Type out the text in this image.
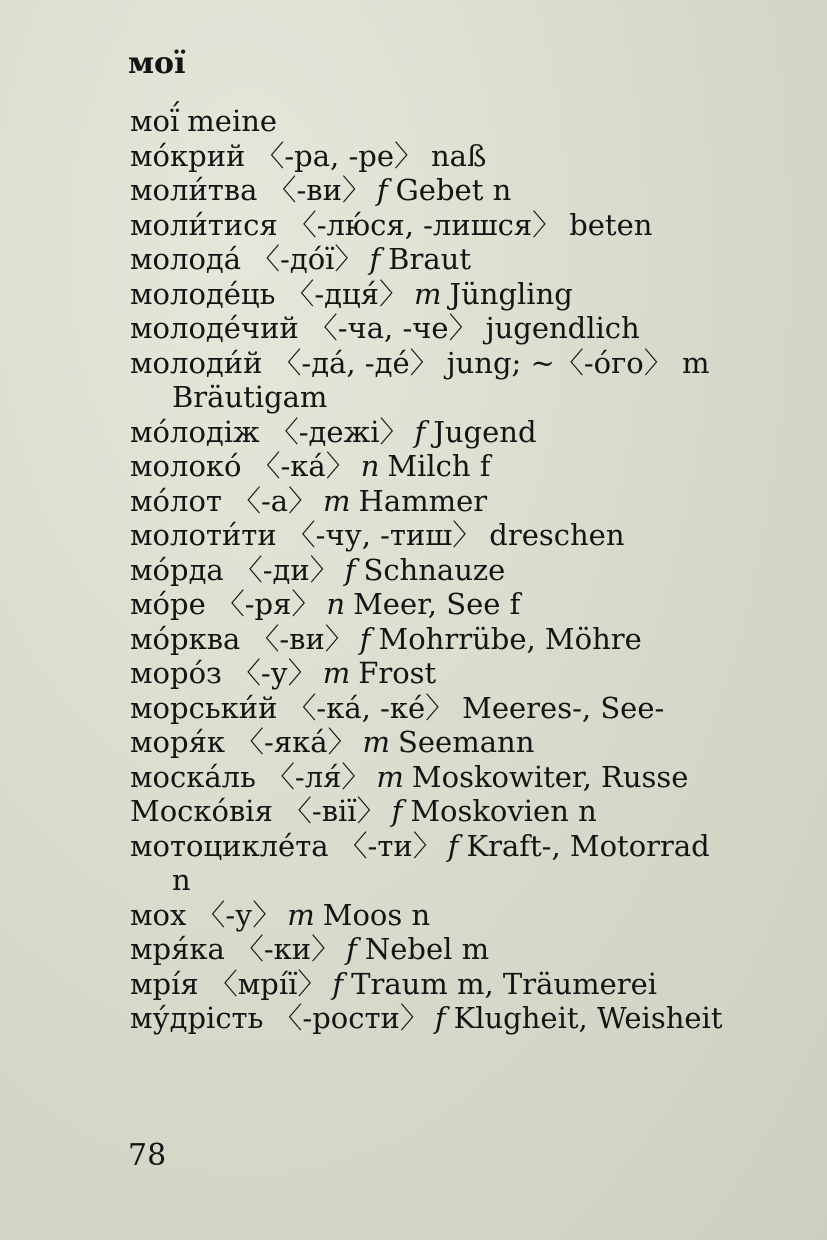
мої
мої́ meine
мо́крий 〈-ра, -ре〉 naß
моли́тва 〈-ви〉 f Gebet n
моли́тися 〈-лю́ся, -лишся〉 beten
молода́ 〈-до́ї〉 f Braut
молоде́ць 〈-дця́〉 m Jüngling
молоде́чий 〈-ча, -че〉 jugendlich
молоди́й 〈-да́, -де́〉 jung; ~〈-о́го〉 m Bräutigam
мо́лодіж 〈-дежі〉 f Jugend
молоко́ 〈-ка́〉 n Milch f
мо́лот 〈-а〉 m Hammer
молоти́ти 〈-чу, -тиш〉 dreschen
мо́рда 〈-ди〉 f Schnauze
мо́ре 〈-ря〉 n Meer, See f
мо́рква 〈-ви〉 f Mohrrübe, Möhre
моро́з 〈-у〉 m Frost
морськи́й 〈-ка́, -ке́〉 Meeres-, See-
моря́к 〈-яка́〉 m Seemann
моска́ль 〈-ля́〉 m Moskowiter, Russe
Моско́вія 〈-вії〉 f Moskovien n
мотоцикле́та 〈-ти〉 f Kraft-, Motorrad n
мох 〈-у〉 m Moos n
мря́ка 〈-ки〉 f Nebel m
мрі́я 〈мрі́ї〉 f Traum m, Träumerei
му́дрість 〈-рости〉 f Klugheit, Weisheit
78
